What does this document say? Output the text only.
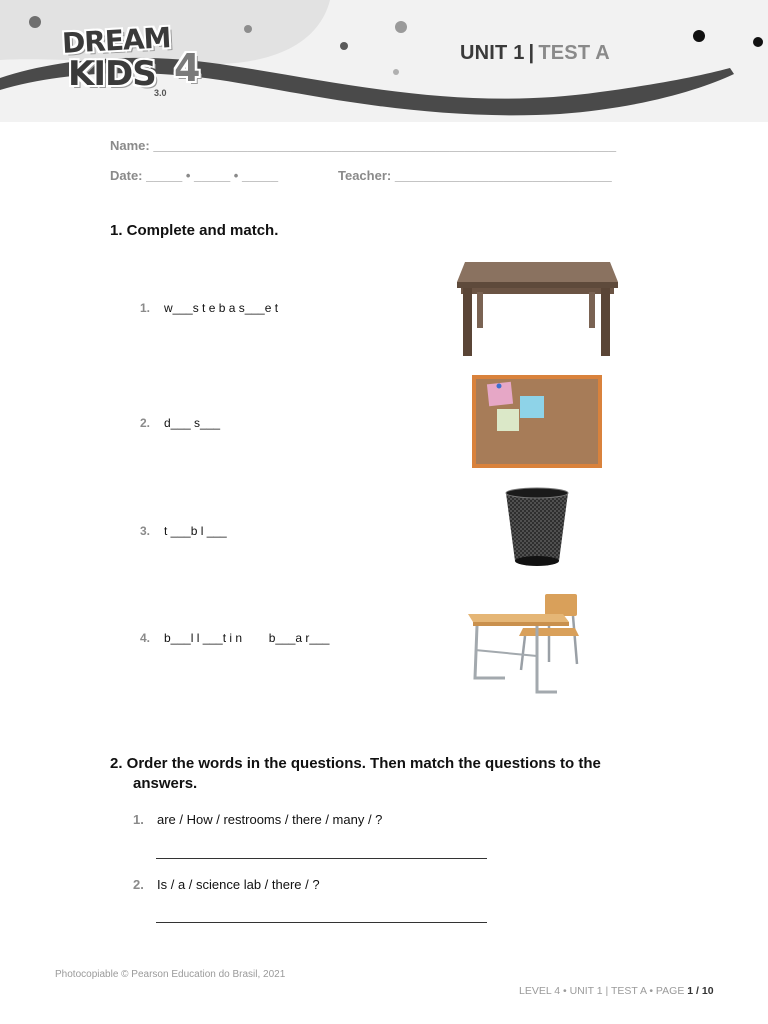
DREAM
KIDS 4
3.0
UNIT 1 | TEST A
Name: ________________________________________________________________
Date: _____ • _____ • _____	Teacher: ______________________________
1. Complete and match.
1. w___s t e b a s___e t
2. d___ s___
3. t ___b l ___
4. b___l l ___t i n        b___a r___
2. Order the words in the questions. Then match the questions to the
answers.
1. are / How / restrooms / there / many / ?
2. Is / a / science lab / there / ?
Photocopiable © Pearson Education do Brasil, 2021
LEVEL 4 • UNIT 1 | TEST A • PAGE 1 / 10
